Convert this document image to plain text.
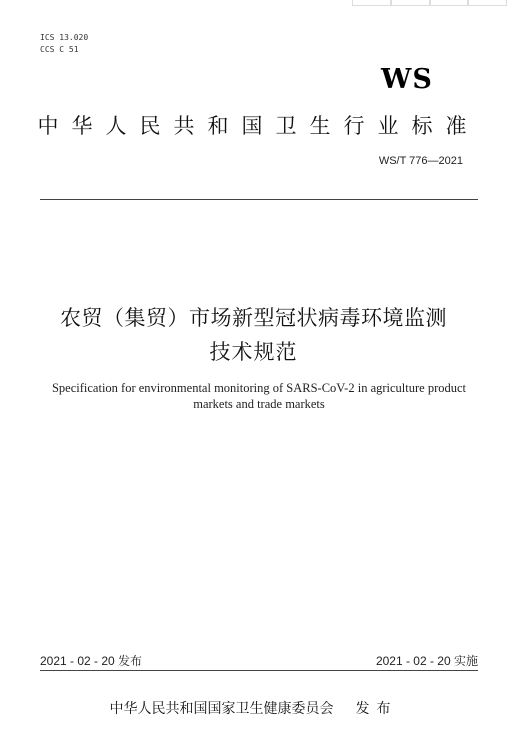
ICS 13.020
CCS C 51
WS
中华人民共和国卫生行业标准
WS/T 776—2021
农贸（集贸）市场新型冠状病毒环境监测
技术规范
Specification for environmental monitoring of SARS-CoV-2 in agriculture product markets and trade markets
2021 - 02 - 20 发布	2021 - 02 - 20 实施
中华人民共和国国家卫生健康委员会 发布
